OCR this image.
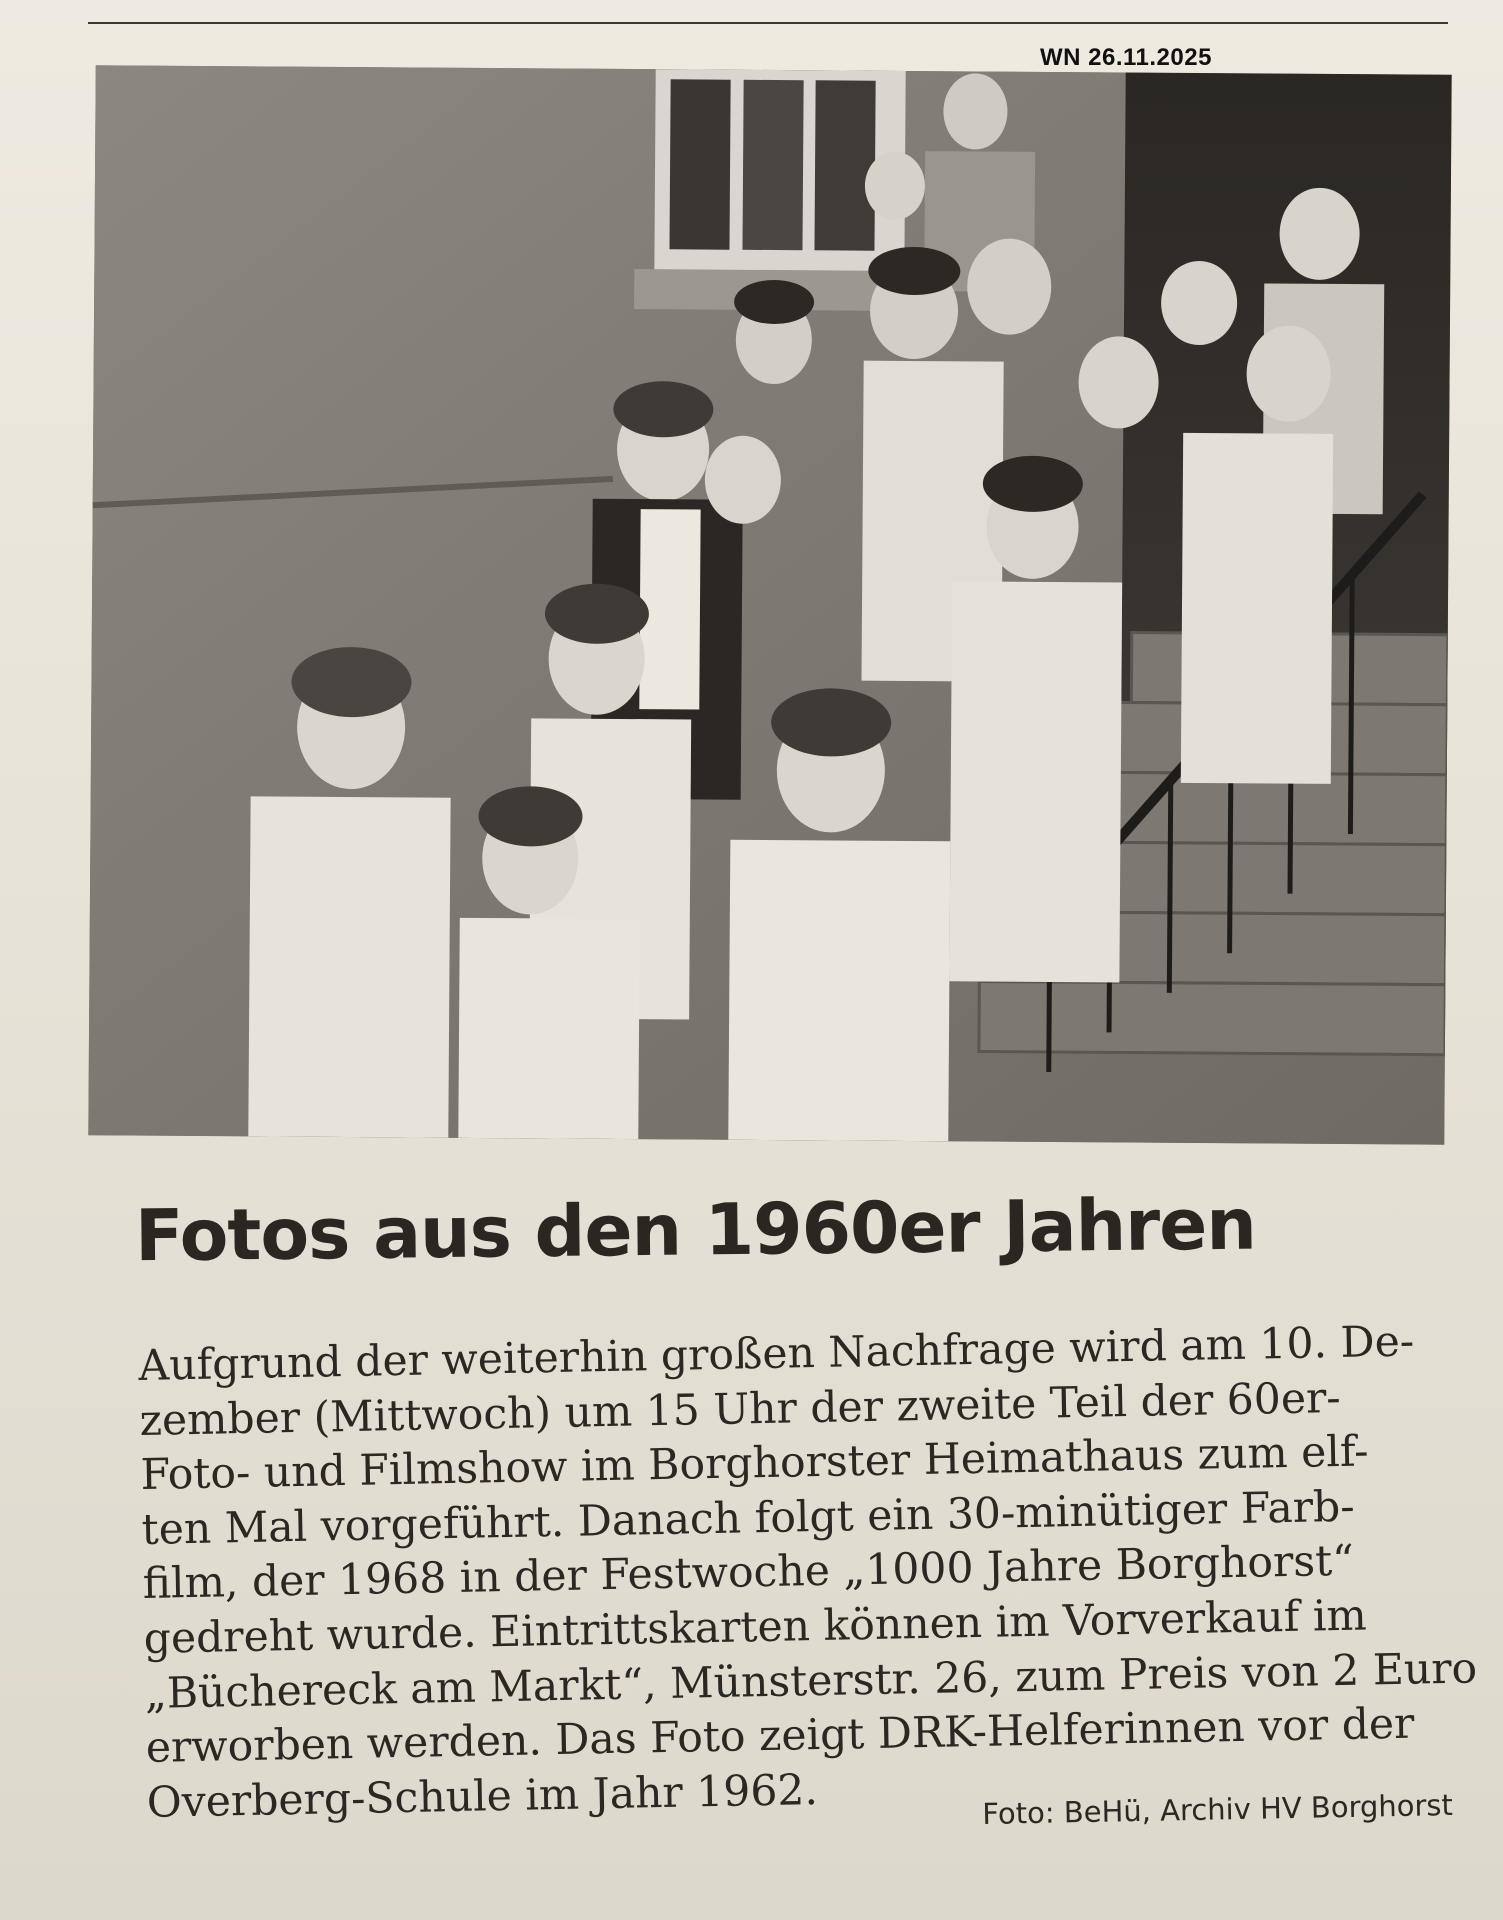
WN 26.11.2025
Fotos aus den 1960er Jahren
Aufgrund der weiterhin großen Nachfrage wird am 10. De-
zember (Mittwoch) um 15 Uhr der zweite Teil der 60er-
Foto- und Filmshow im Borghorster Heimathaus zum elf-
ten Mal vorgeführt. Danach folgt ein 30-minütiger Farb-
film, der 1968 in der Festwoche „1000 Jahre Borghorst“
gedreht wurde. Eintrittskarten können im Vorverkauf im
„Büchereck am Markt“, Münsterstr. 26, zum Preis von 2 Euro
erworben werden. Das Foto zeigt DRK-Helferinnen vor der
Overberg-Schule im Jahr 1962.	Foto: BeHü, Archiv HV Borghorst
